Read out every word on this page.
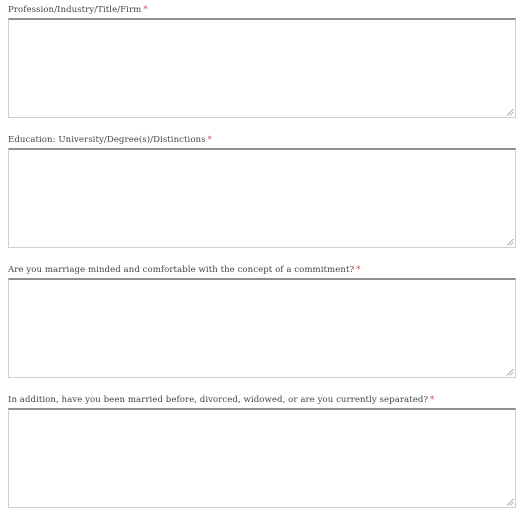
Profession/Industry/Title/Firm *
Education: University/Degree(s)/Distinctions *
Are you marriage minded and comfortable with the concept of a commitment? *
In addition, have you been married before, divorced, widowed, or are you currently separated? *
